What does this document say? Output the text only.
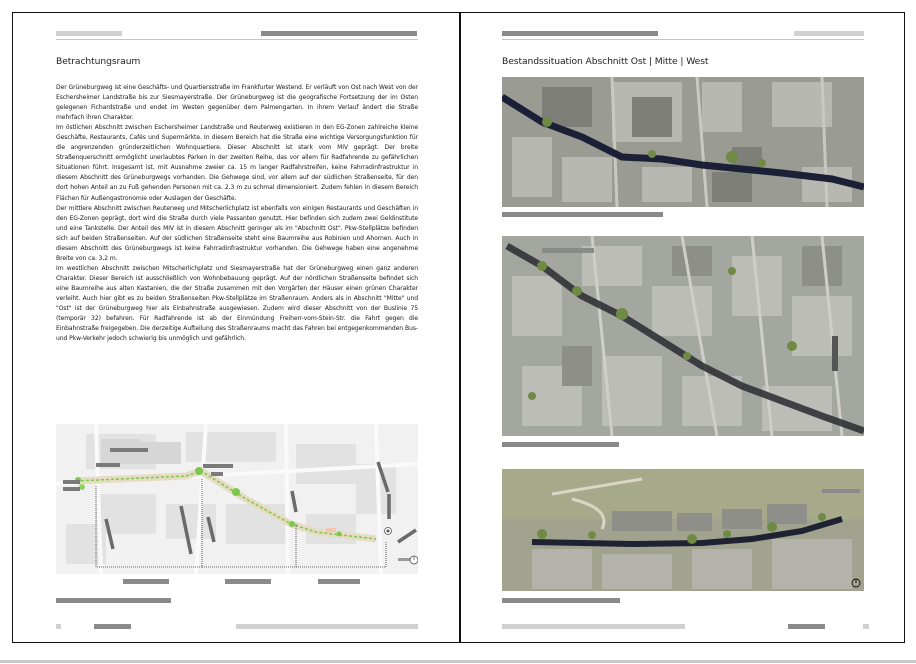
Betrachtungsraum

Der Grüneburgweg ist eine Geschäfts- und Quartiersstraße im Frankfurter Westend. Er verläuft von Ost nach West von der Eschersheimer Landstraße bis zur Siesmayerstraße. Der Grüneburgweg ist die geografische Fortsetzung der im Osten gelegenen Fichardstraße und endet im Westen gegenüber dem Palmengarten. In ihrem Verlauf ändert die Straße mehrfach ihren Charakter.

Im östlichen Abschnitt zwischen Eschersheimer Landstraße und Reuterweg existieren in den EG-Zonen zahlreiche kleine Geschäfte, Restaurants, Cafés und Supermärkte. In diesem Bereich hat die Straße eine wichtige Versorgungsfunktion für die angrenzenden gründerzeitlichen Wohnquartiere. Dieser Abschnitt ist stark vom MIV geprägt. Der breite Straßenquerschnitt ermöglicht unerlaubtes Parken in der zweiten Reihe, das vor allem für Radfahrende zu gefährlichen Situationen führt. Insgesamt ist, mit Ausnahme zweier ca. 15 m langer Radfahrstreifen, keine Fahrradinfrastruktur in diesem Abschnitt des Grüneburgwegs vorhanden. Die Gehwege sind, vor allem auf der südlichen Straßenseite, für den dort hohen Anteil an zu Fuß gehenden Personen mit ca. 2,3 m zu schmal dimensioniert. Zudem fehlen in diesem Bereich Flächen für Außengastronomie oder Auslagen der Geschäfte.

Der mittlere Abschnitt zwischen Reuterweg und Mitscherlichplatz ist ebenfalls von einigen Restaurants und Geschäften in den EG-Zonen geprägt, dort wird die Straße durch viele Passanten genutzt. Hier befinden sich zudem zwei Geldinstitute und eine Tankstelle. Der Anteil des MIV ist in diesem Abschnitt geringer als im "Abschnitt Ost". Pkw-Stellplätze befinden sich auf beiden Straßenseiten. Auf der südlichen Straßenseite steht eine Baumreihe aus Robinien und Ahornen. Auch in diesem Abschnitt des Grüneburgwegs ist keine Fahrradinfrastruktur vorhanden. Die Gehwege haben eine angenehme Breite von ca. 3,2 m.

Im westlichen Abschnitt zwischen Mitscherlichplatz und Siesmayerstraße hat der Grüneburgweg einen ganz anderen Charakter. Dieser Bereich ist ausschließlich von Wohnbebauung geprägt. Auf der nördlichen Straßenseite befindet sich eine Baumreihe aus alten Kastanien, die der Straße zusammen mit den Vorgärten der Häuser einen grünen Charakter verleiht. Auch hier gibt es zu beiden Straßenseiten Pkw-Stellplätze im Straßenraum. Anders als in Abschnitt "Mitte" und "Ost" ist der Grüneburgweg hier als Einbahnstraße ausgewiesen. Zudem wird dieser Abschnitt von der Buslinie 75 (temporär 32) befahren. Für Radfahrende ist ab der Einmündung Freiherr-vom-Stein-Str. die Fahrt gegen die Einbahnstraße freigegeben. Die derzeitige Aufteilung des Straßenraums macht das Fahren bei entgegenkommenden Bus- und Pkw-Verkehr jedoch schwierig bis unmöglich und gefährlich.

Bestandssituation Abschnitt Ost | Mitte | West
